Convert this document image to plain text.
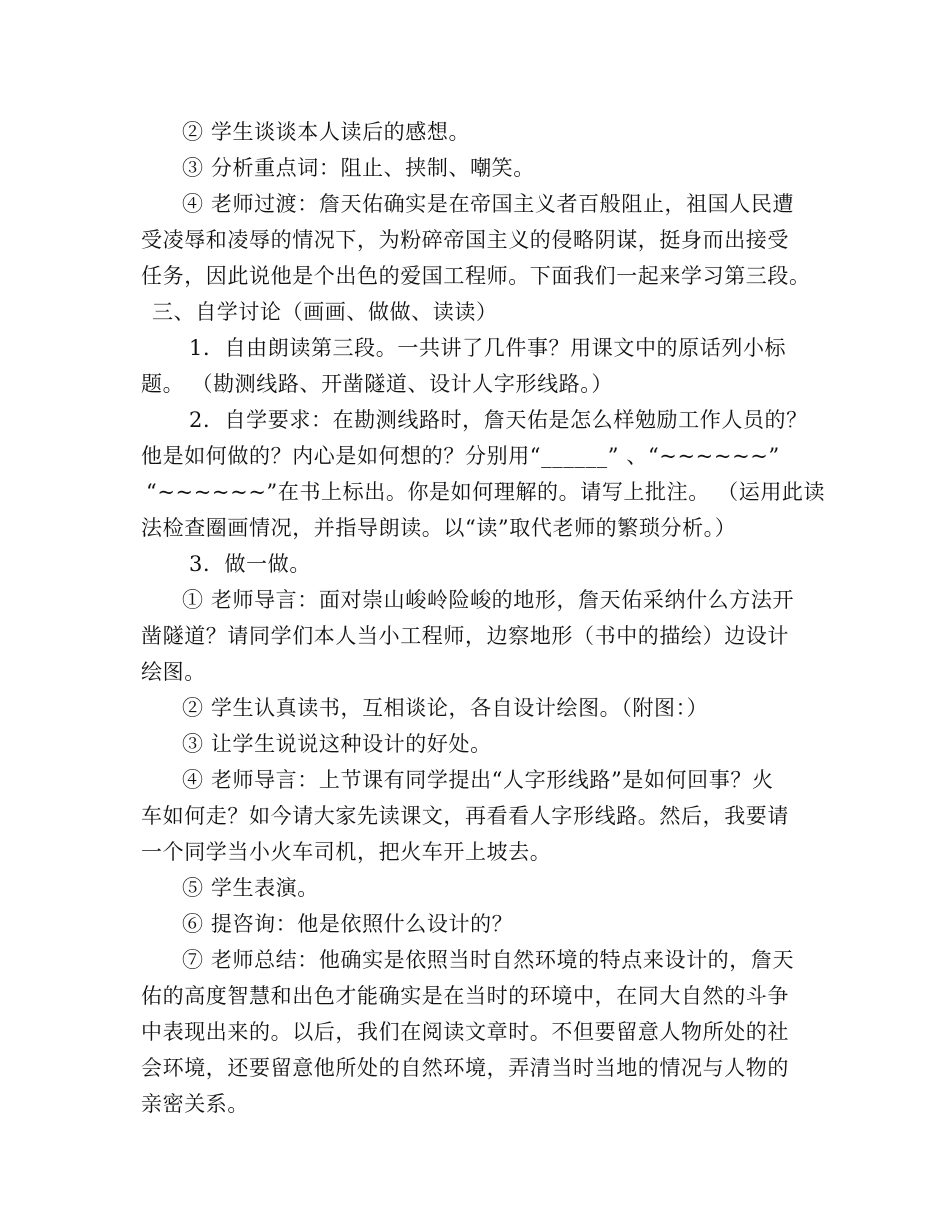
② 学生谈谈本人读后的感想。
③ 分析重点词：阻止、挟制、嘲笑。
④ 老师过渡：詹天佑确实是在帝国主义者百般阻止，祖国人民遭
受凌辱和凌辱的情况下，为粉碎帝国主义的侵略阴谋，挺身而出接受
任务，因此说他是个出色的爱国工程师。下面我们一起来学习第三段。
三、自学讨论（画画、做做、读读）
1．自由朗读第三段。一共讲了几件事？用课文中的原话列小标
题。 （勘测线路、开凿隧道、设计人字形线路。）
2．自学要求：在勘测线路时，詹天佑是怎么样勉励工作人员的？
他是如何做的？内心是如何想的？分别用“______” 、“~~~~~~”
“~~~~~~”在书上标出。你是如何理解的。请写上批注。 （运用此读
法检查圈画情况，并指导朗读。以“读”取代老师的繁琐分析。）
3．做一做。
① 老师导言：面对崇山峻岭险峻的地形，詹天佑采纳什么方法开
凿隧道？请同学们本人当小工程师，边察地形（书中的描绘）边设计
绘图。
② 学生认真读书，互相谈论，各自设计绘图。（附图：）
③ 让学生说说这种设计的好处。
④ 老师导言：上节课有同学提出“人字形线路”是如何回事？火
车如何走？如今请大家先读课文，再看看人字形线路。然后，我要请
一个同学当小火车司机，把火车开上坡去。
⑤ 学生表演。
⑥ 提咨询：他是依照什么设计的？
⑦ 老师总结：他确实是依照当时自然环境的特点来设计的，詹天
佑的高度智慧和出色才能确实是在当时的环境中，在同大自然的斗争
中表现出来的。以后，我们在阅读文章时。不但要留意人物所处的社
会环境，还要留意他所处的自然环境，弄清当时当地的情况与人物的
亲密关系。
